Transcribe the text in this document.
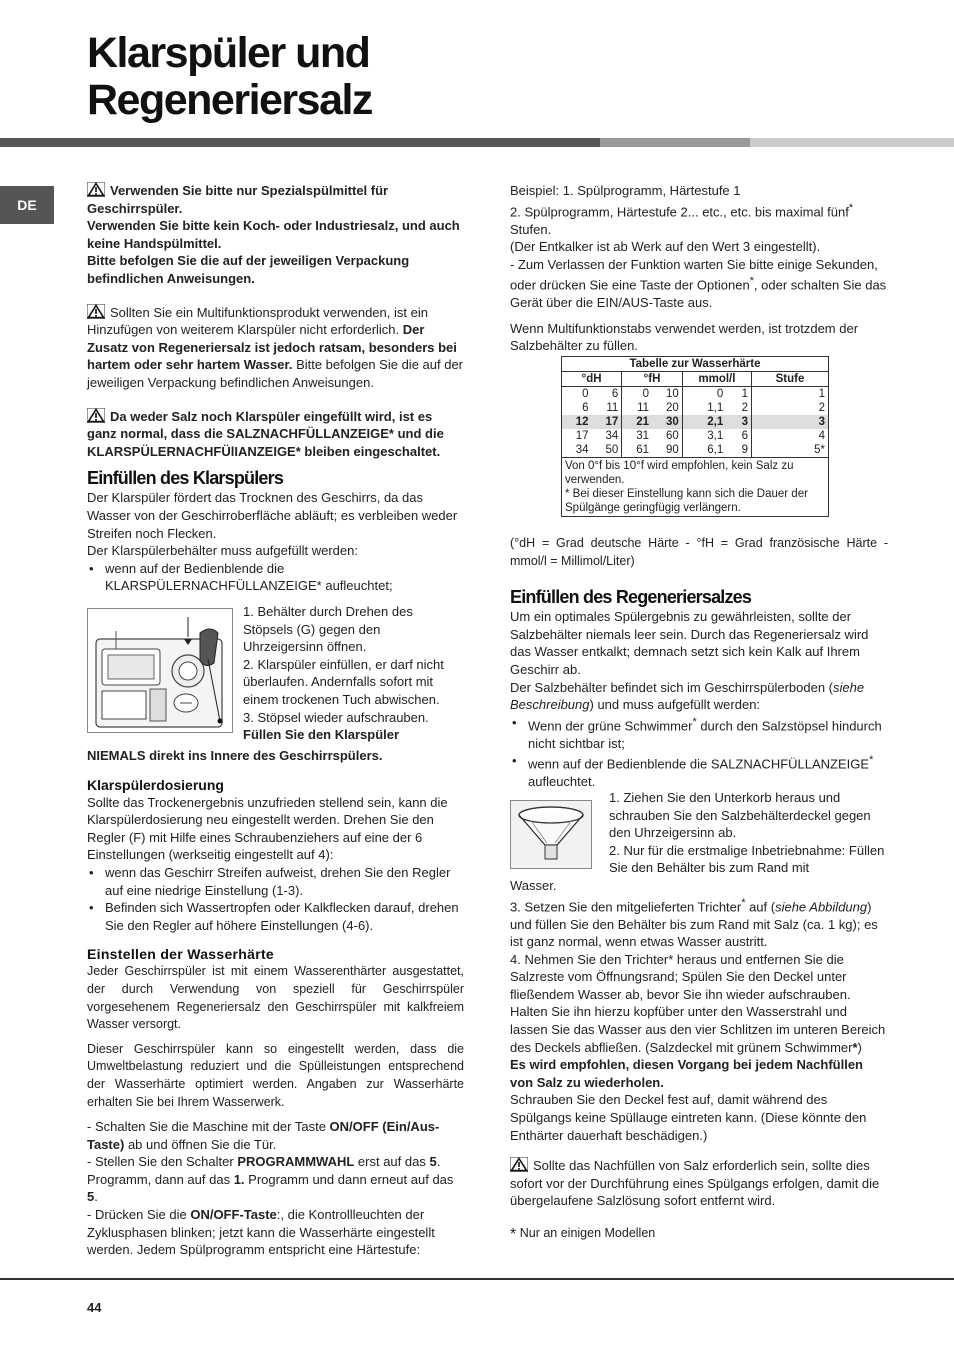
Klarspüler und
Regeneriersalz
DE

Verwenden Sie bitte nur Spezialspülmittel für Geschirrspüler.
Verwenden Sie bitte kein Koch- oder Industriesalz, und auch keine Handspülmittel.
Bitte befolgen Sie die auf der jeweiligen Verpackung befindlichen Anweisungen.

Sollten Sie ein Multifunktionsprodukt verwenden, ist ein Hinzufügen von weiterem Klarspüler nicht erforderlich. Der Zusatz von Regeneriersalz ist jedoch ratsam, besonders bei hartem oder sehr hartem Wasser. Bitte befolgen Sie die auf der jeweiligen Verpackung befindlichen Anweisungen.

Da weder Salz noch Klarspüler eingefüllt wird, ist es ganz normal, dass die SALZNACHFÜLLANZEIGE* und die KLARSPÜLERNACHFÜlIANZEIGE* bleiben eingeschaltet.

Einfüllen des Klarspülers

Der Klarspüler fördert das Trocknen des Geschirrs, da das Wasser von der Geschirroberfläche abläuft; es verbleiben weder Streifen noch Flecken.

Der Klarspülerbehälter muss aufgefüllt werden:

• wenn auf der Bedienblende die KLARSPÜLERNACHFÜLLANZEIGE* aufleuchtet;

1. Behälter durch Drehen des Stöpsels (G) gegen den Uhrzeigersinn öffnen.

2. Klarspüler einfüllen, er darf nicht überlaufen. Andernfalls sofort mit einem trockenen Tuch abwischen.

3. Stöpsel wieder aufschrauben.

Füllen Sie den Klarspüler

NIEMALS direkt ins Innere des Geschirrspülers.

Klarspülerdosierung

Sollte das Trockenergebnis unzufrieden stellend sein, kann die Klarspülerdosierung neu eingestellt werden. Drehen Sie den Regler (F) mit Hilfe eines Schraubenziehers auf eine der 6 Einstellungen (werkseitig eingestellt auf 4):

• wenn das Geschirr Streifen aufweist, drehen Sie den Regler auf eine niedrige Einstellung (1-3).
• Befinden sich Wassertropfen oder Kalkflecken darauf, drehen Sie den Regler auf höhere Einstellungen (4-6).
Einstellen der Wasserhärte

Jeder Geschirrspüler ist mit einem Wasserenthärter ausgestattet, der durch Verwendung von speziell für Geschirrspüler vorgesehenem Regeneriersalz den Geschirrspüler mit kalkfreiem Wasser versorgt.

Dieser Geschirrspüler kann so eingestellt werden, dass die Umweltbelastung reduziert und die Spülleistungen entsprechend der Wasserhärte optimiert werden. Angaben zur Wasserhärte erhalten Sie bei Ihrem Wasserwerk.

- Schalten Sie die Maschine mit der Taste ON/OFF (Ein/Aus-Taste) ab und öffnen Sie die Tür.

- Stellen Sie den Schalter PROGRAMMWAHL erst auf das 5. Programm, dann auf das 1. Programm und dann erneut auf das 5.

- Drücken Sie die ON/OFF-Taste:, die Kontrollleuchten der Zyklusphasen blinken; jetzt kann die Wasserhärte eingestellt werden. Jedem Spülprogramm entspricht eine Härtestufe:

Beispiel: 1. Spülprogramm, Härtestufe 1

2. Spülprogramm, Härtestufe 2... etc., etc. bis maximal fünf*
Stufen.

(Der Entkalker ist ab Werk auf den Wert 3 eingestellt).

- Zum Verlassen der Funktion warten Sie bitte einige Sekunden, oder drücken Sie eine Taste der Optionen*, oder schalten Sie das Gerät über die EIN/AUS-Taste aus.

Wenn Multifunktionstabs verwendet werden, ist trotzdem der Salzbehälter zu füllen.

Tabelle zur Wasserhärte						
°dH		°fH		mmol/l		Stufe
0	6	0	10	0	1	1
6	11	11	20	1,1	2	2
12	17	21	30	2,1	3	3
17	34	31	60	3,1	6	4
34	50	61	90	6,1	9	5*

Von 0°f bis 10°f wird empfohlen, kein Salz zu verwenden.
* Bei dieser Einstellung kann sich die Dauer der Spülgänge geringfügig verlängern.						

(°dH = Grad deutsche Härte - °fH = Grad französische Härte - mmol/l = Millimol/Liter)

Einfüllen des Regeneriersalzes

Um ein optimales Spülergebnis zu gewährleisten, sollte der Salzbehälter niemals leer sein. Durch das Regeneriersalz wird das Wasser entkalkt; demnach setzt sich kein Kalk auf Ihrem Geschirr ab.

Der Salzbehälter befindet sich im Geschirrspülerboden (siehe Beschreibung) und muss aufgefüllt werden:

• Wenn der grüne Schwimmer* durch den Salzstöpsel hindurch nicht sichtbar ist;
• wenn auf der Bedienblende die SALZNACHFÜLLANZEIGE* aufleuchtet.

1. Ziehen Sie den Unterkorb heraus und schrauben Sie den Salzbehälterdeckel gegen den Uhrzeigersinn ab.

2. Nur für die erstmalige Inbetriebnahme: Füllen Sie den Behälter bis zum Rand mit

Wasser.

3. Setzen Sie den mitgelieferten Trichter* auf (siehe Abbildung) und füllen Sie den Behälter bis zum Rand mit Salz (ca. 1 kg); es ist ganz normal, wenn etwas Wasser austritt.

4. Nehmen Sie den Trichter* heraus und entfernen Sie die Salzreste vom Öffnungsrand; Spülen Sie den Deckel unter fließendem Wasser ab, bevor Sie ihn wieder aufschrauben. Halten Sie ihn hierzu kopfüber unter den Wasserstrahl und lassen Sie das Wasser aus den vier Schlitzen im unteren Bereich des Deckels abfließen. (Salzdeckel mit grünem Schwimmer*)

Es wird empfohlen, diesen Vorgang bei jedem Nachfüllen von Salz zu wiederholen.

Schrauben Sie den Deckel fest auf, damit während des Spülgangs keine Spüllauge eintreten kann. (Diese könnte den Enthärter dauerhaft beschädigen.)

Sollte das Nachfüllen von Salz erforderlich sein, sollte dies sofort vor der Durchführung eines Spülgangs erfolgen, damit die übergelaufene Salzlösung sofort entfernt wird.

* Nur an einigen Modellen

44
